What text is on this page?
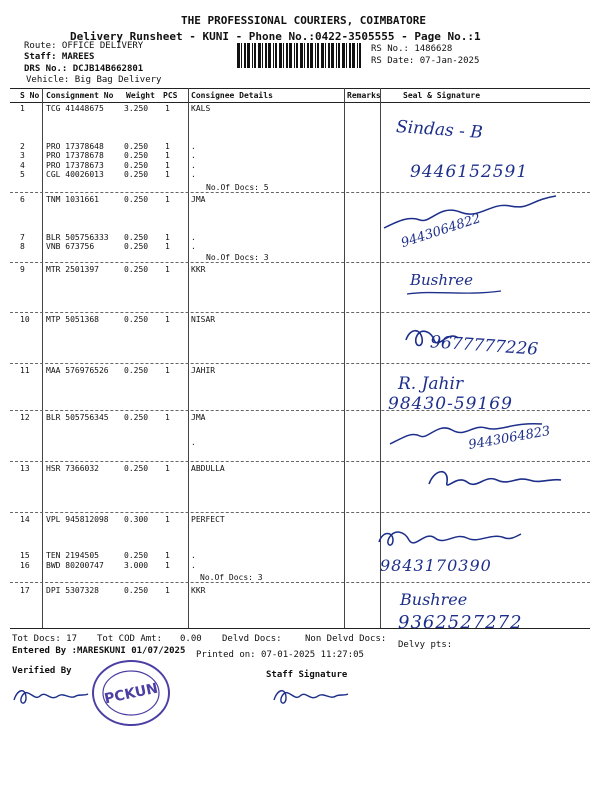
THE PROFESSIONAL COURIERS, COIMBATORE
Delivery Runsheet - KUNI - Phone No.:0422-3505555 - Page No.:1
Route: OFFICE DELIVERY
Staff: MAREES
DRS No.: DCJB14B662801
Vehicle: Big Bag Delivery
RS No.: 1486628
RS Date: 07-Jan-2025
S No Consignment No Weight PCS Consignee Details	Remarks	Seal & Signature
1	TCG 41448675	3.250 1	KALS
2	PRO 17378648	0.250 1	.
3	PRO 17378678	0.250 1	.
4	PRO 17378673	0.250 1	.
5	CGL 40026013	0.250 1	.
6	TNM 1031661	0.250 1	JMA
7	BLR 505756333 0.250 1	.
8	VNB 673756	0.250 1	.
9	MTR 2501397	0.250 1	KKR
10 MTP 5051368	0.250 1	NISAR
11 MAA 576976526 0.250 1	JAHIR
12 BLR 505756345 0.250 1	JMA
.
13 HSR 7366032	0.250 1	ABDULLA
14 VPL 945812098 0.300 1	PERFECT
15 TEN 2194505	0.250 1	.
16 BWD 80200747	3.000 1	.
17 DPI 5307328	0.250 1	KKR
No.Of Docs: 5
No.Of Docs: 3
No.Of Docs: 3
Sindas - B
9446152591
9443064822
Bushree
9677777226
R. Jahir
98430-59169
9443064823
9843170390
Bushree
9362527272
Tot Docs: 17 Tot COD Amt: 0.00 Delvd Docs:	Non Delvd Docs:
Delvy pts:
Entered By :MARESKUNI 01/07/2025 Printed on: 07-01-2025 11:27:05
Verified By	Staff Signature
PCKUN
